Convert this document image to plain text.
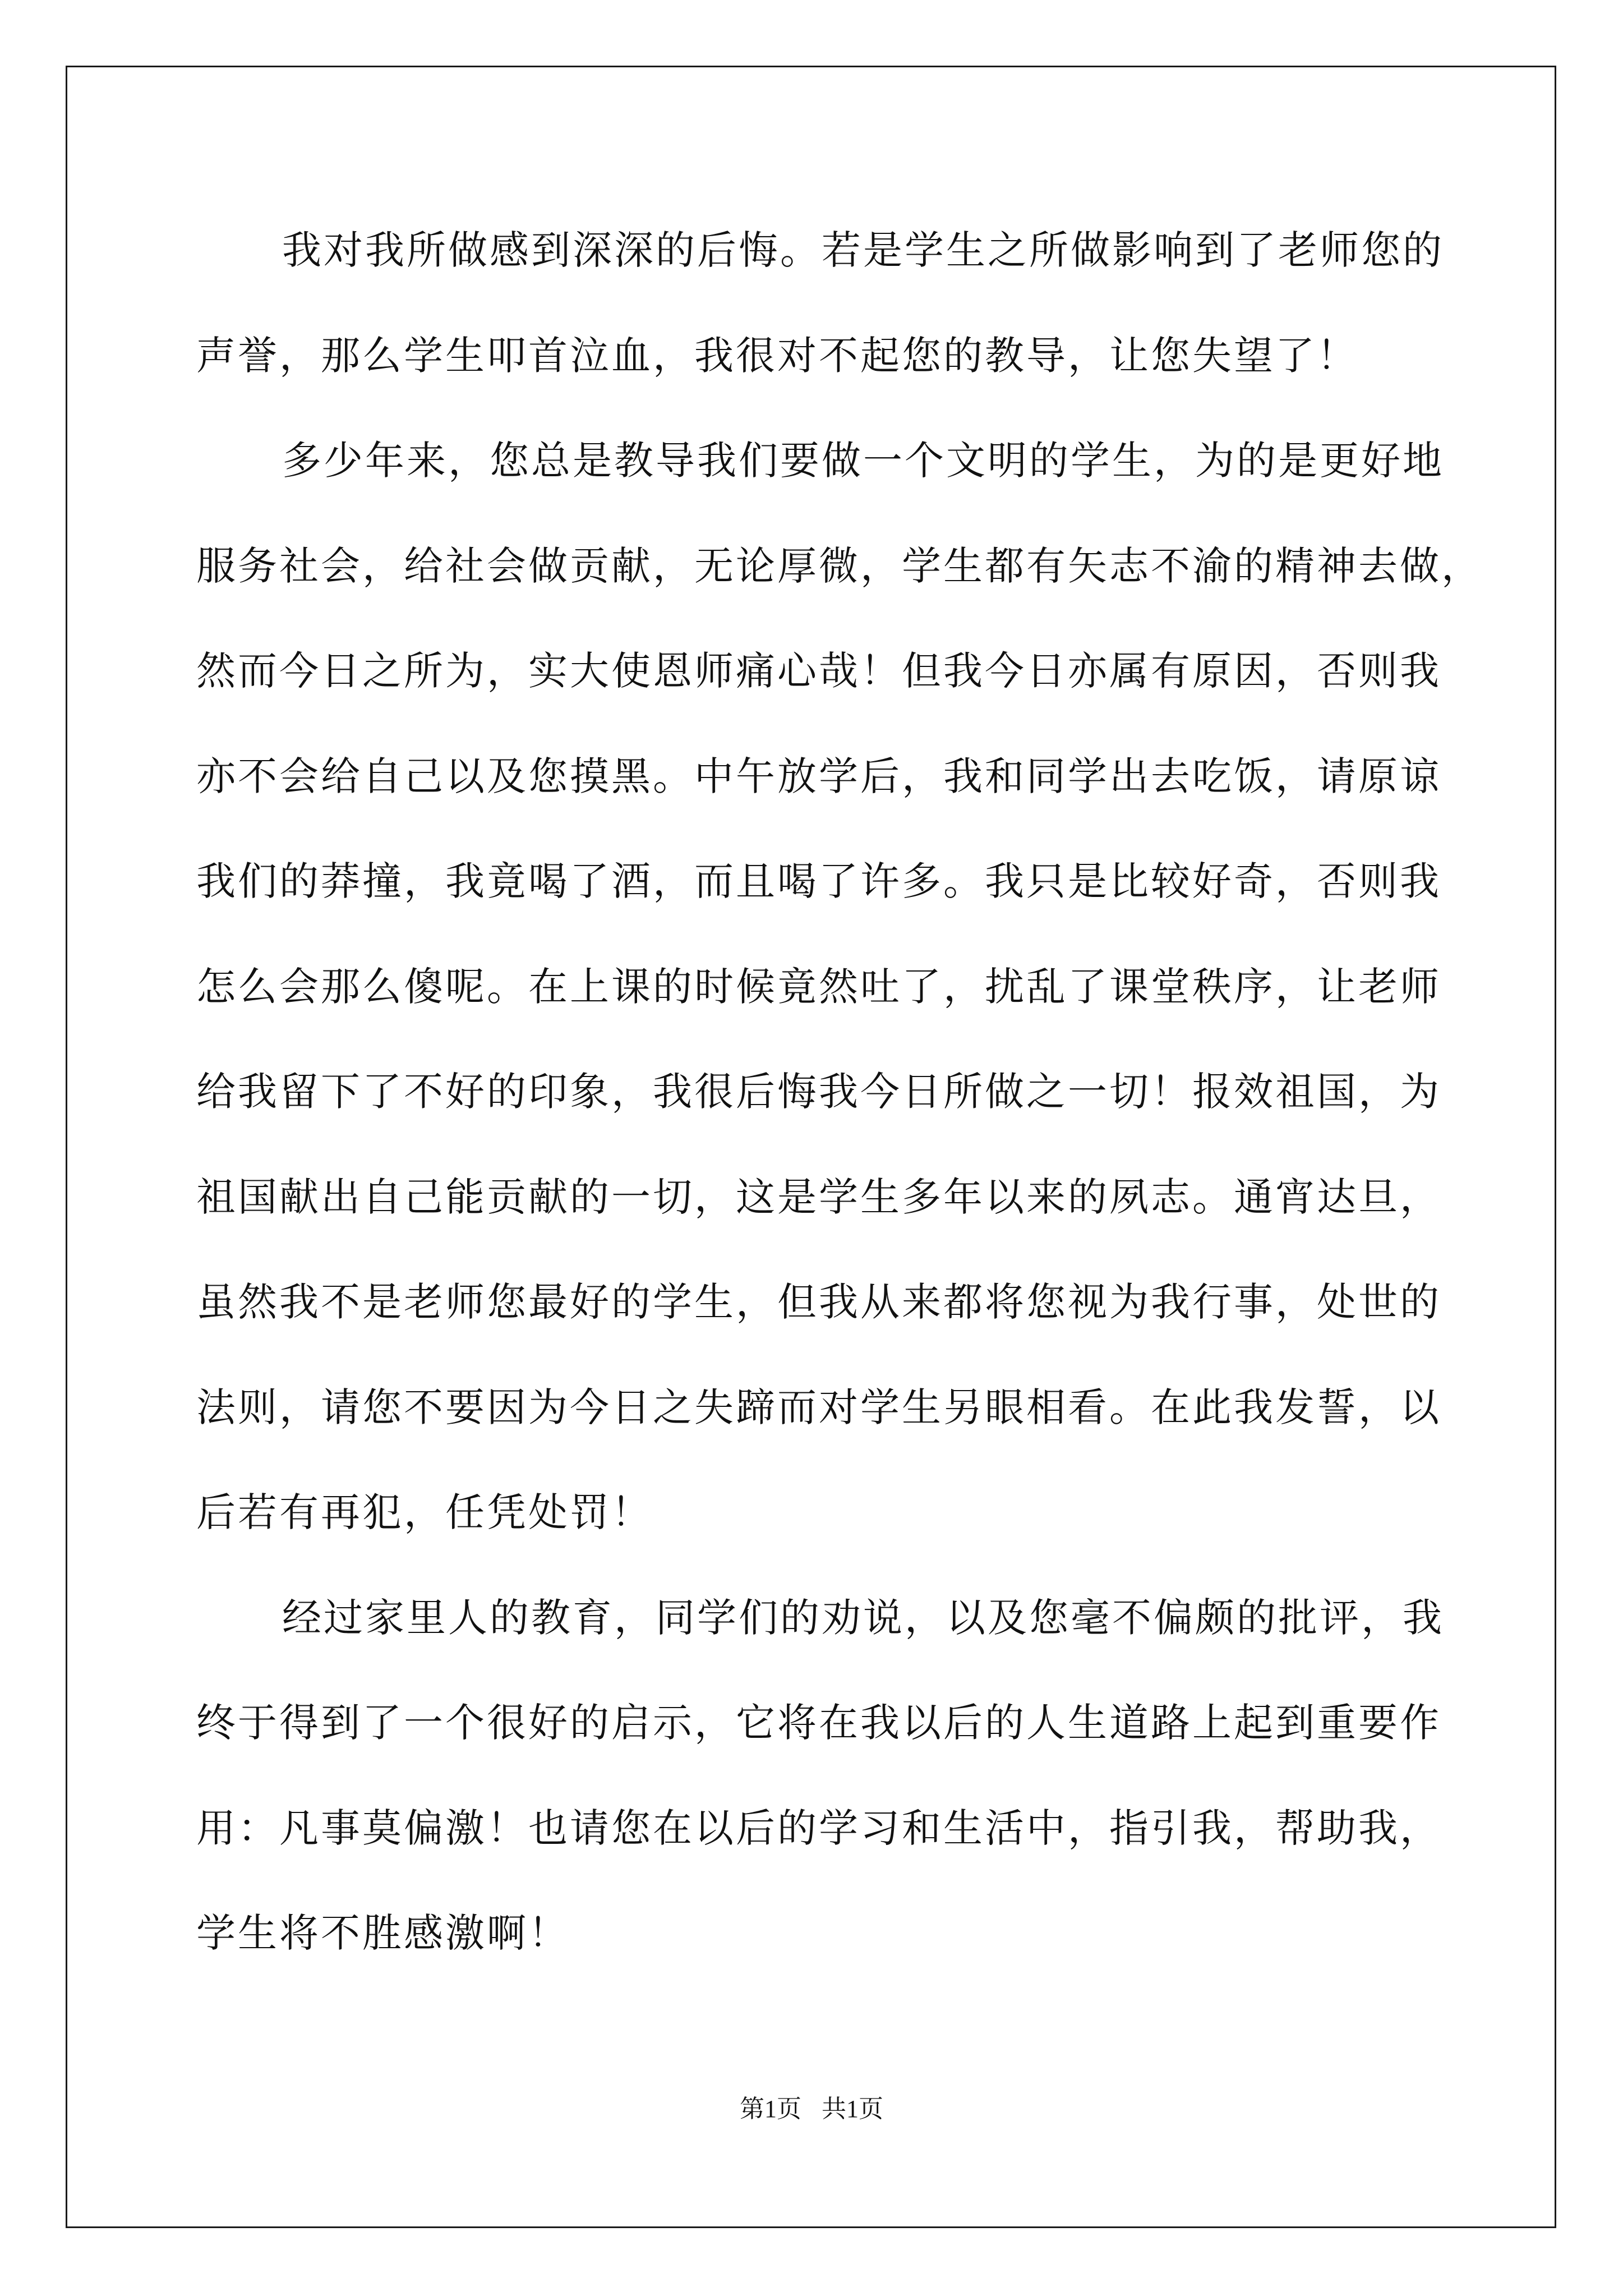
我对我所做感到深深的后悔。若是学生之所做影响到了老师您的

声誉，那么学生叩首泣血，我很对不起您的教导，让您失望了！

多少年来，您总是教导我们要做一个文明的学生，为的是更好地

服务社会，给社会做贡献，无论厚微，学生都有矢志不渝的精神去做，

然而今日之所为，实大使恩师痛心哉！但我今日亦属有原因，否则我

亦不会给自己以及您摸黑。中午放学后，我和同学出去吃饭，请原谅

我们的莽撞，我竟喝了酒，而且喝了许多。我只是比较好奇，否则我

怎么会那么傻呢。在上课的时候竟然吐了，扰乱了课堂秩序，让老师

给我留下了不好的印象，我很后悔我今日所做之一切！报效祖国，为

祖国献出自己能贡献的一切，这是学生多年以来的夙志。通宵达旦，

虽然我不是老师您最好的学生，但我从来都将您视为我行事，处世的

法则，请您不要因为今日之失蹄而对学生另眼相看。在此我发誓，以

后若有再犯，任凭处罚！

经过家里人的教育，同学们的劝说，以及您毫不偏颇的批评，我

终于得到了一个很好的启示，它将在我以后的人生道路上起到重要作

用：凡事莫偏激！也请您在以后的学习和生活中，指引我，帮助我，

学生将不胜感激啊！

第1页 共1页
